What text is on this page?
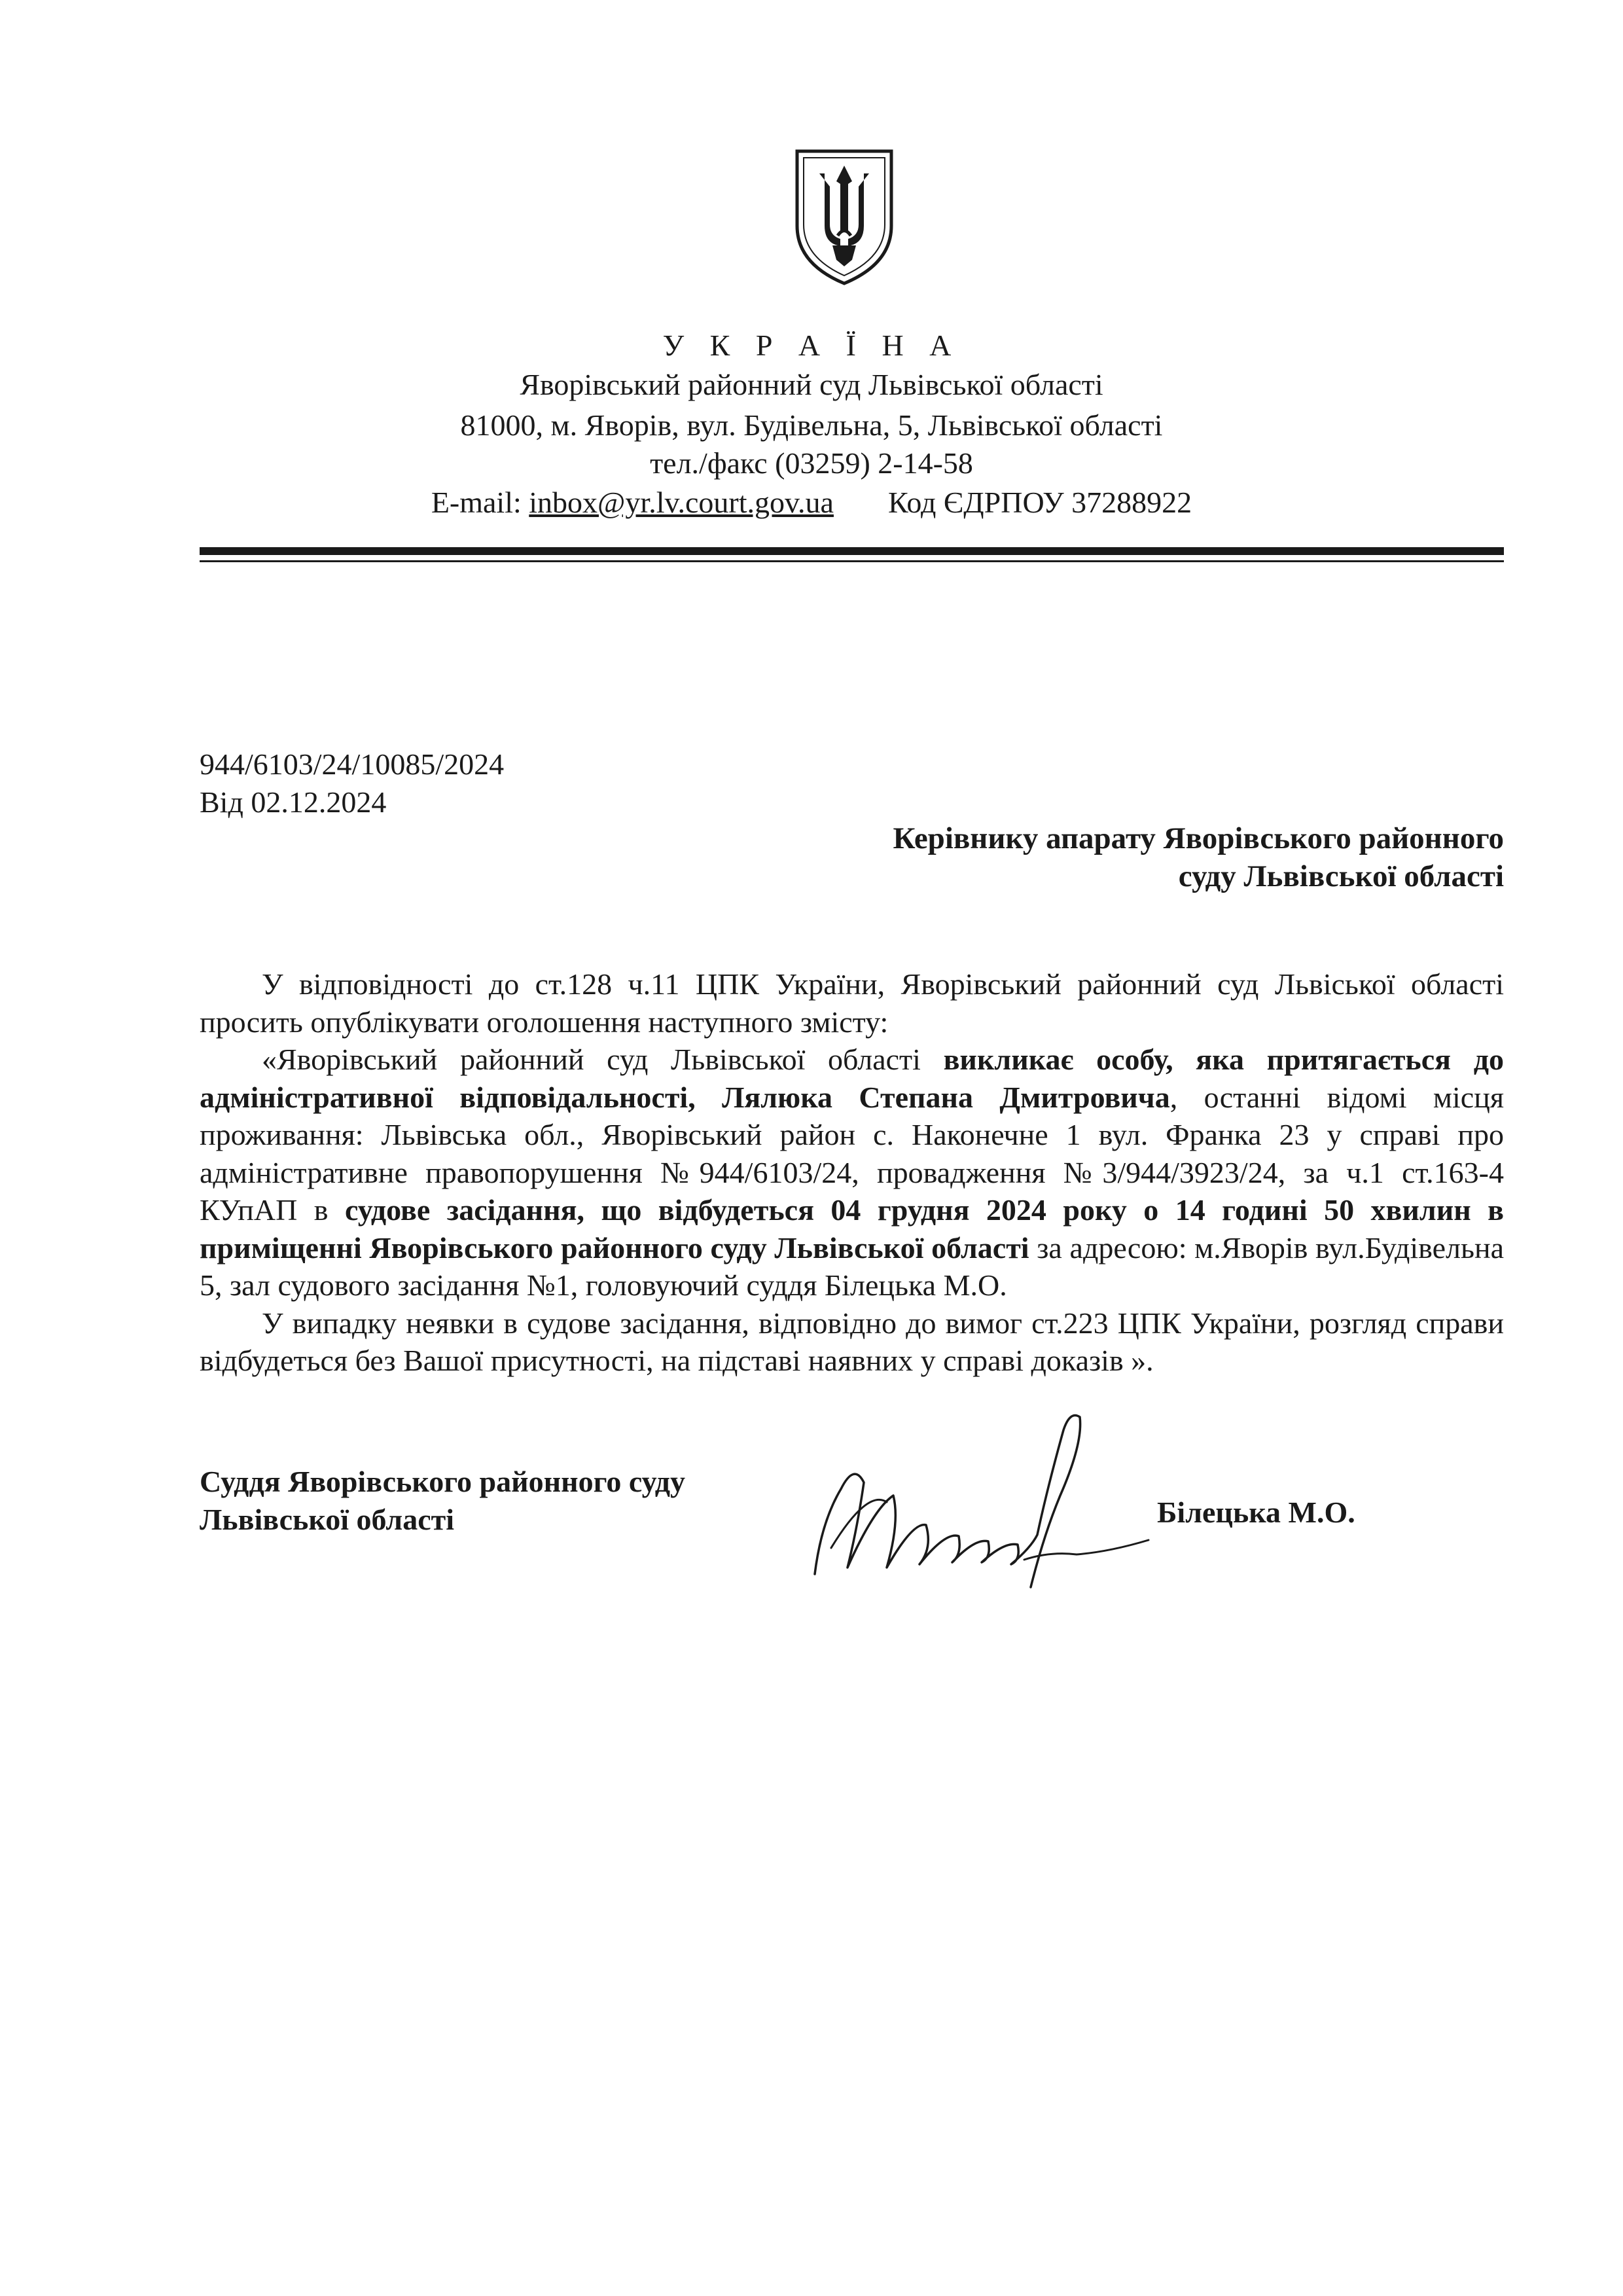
У К Р А Ї Н А
Яворівський районний суд Львівської області
81000, м. Яворів, вул. Будівельна, 5, Львівської області
тел./факс (03259) 2-14-58
E-mail: inbox@yr.lv.court.gov.ua Код ЄДРПОУ 37288922
944/6103/24/10085/2024
Від 02.12.2024
Керівнику апарату Яворівського районного
суду Львівської області

У відповідності до ст.128 ч.11 ЦПК України, Яворівський районний суд Львіської області просить опублікувати оголошення наступного змісту:

«Яворівський районний суд Львівської області викликає особу, яка притягається до адміністративної відповідальності, Лялюка Степана Дмитровича, останні відомі місця проживання: Львівська обл., Яворівський район с. Наконечне 1 вул. Франка 23 у справі про адміністративне правопорушення №944/6103/24, провадження №3/944/3923/24, за ч.1 ст.163-4 КУпАП в судове засідання, що відбудеться 04 грудня 2024 року о 14 годині 50 хвилин в приміщенні Яворівського районного суду Львівської області за адресою: м.Яворів вул.Будівельна 5, зал судового засідання №1, головуючий суддя Білецька М.О.

У випадку неявки в судове засідання, відповідно до вимог ст.223 ЦПК України, розгляд справи відбудеться без Вашої присутності, на підставі наявних у справі доказів ».

Суддя Яворівського районного суду
Львівської області	Білецька М.О.
